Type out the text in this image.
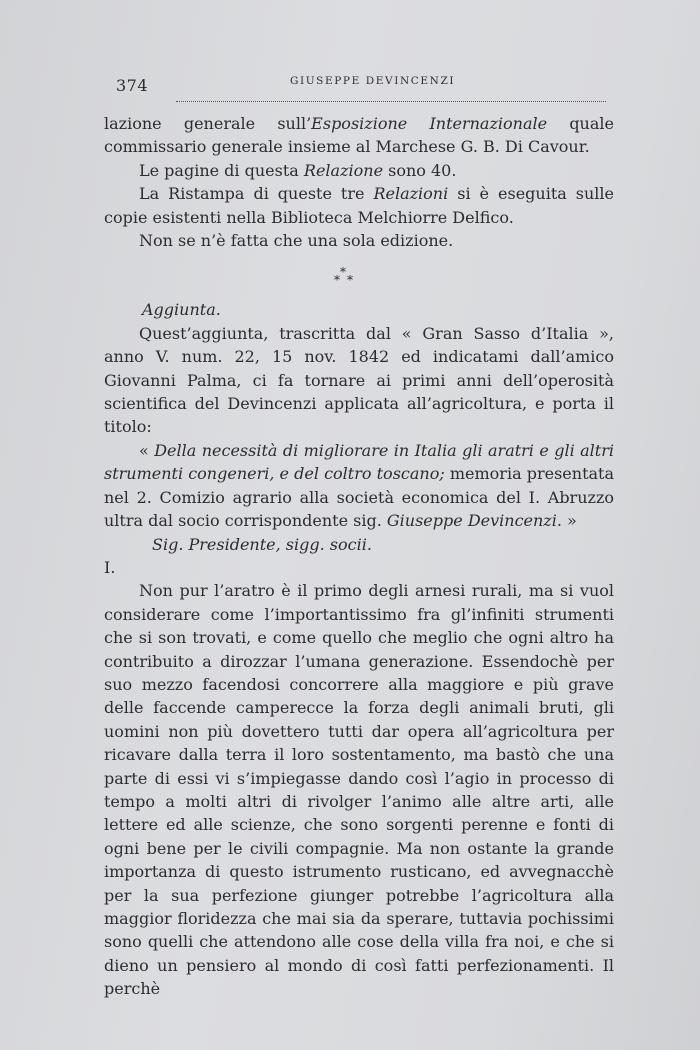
374	GIUSEPPE DEVINCENZI

lazione generale sull’Esposizione Internazionale quale commissario generale insieme al Marchese G. B. Di Cavour.

Le pagine di questa Relazione sono 40.

La Ristampa di queste tre Relazioni si è eseguita sulle copie esistenti nella Biblioteca Melchiorre Delfico.

Non se n’è fatta che una sola edizione.

*
* *

Aggiunta.

Quest’aggiunta, trascritta dal « Gran Sasso d’Italia », anno V. num. 22, 15 nov. 1842 ed indicatami dall’amico Giovanni Palma, ci fa tornare ai primi anni dell’operosità scientifica del Devincenzi applicata all’agricoltura, e porta il titolo:

« Della necessità di migliorare in Italia gli aratri e gli altri strumenti congeneri, e del coltro toscano; memoria presentata nel 2. Comizio agrario alla società economica del I. Abruzzo ultra dal socio corrispondente sig. Giuseppe Devincenzi. »

Sig. Presidente, sigg. socii.

I.

Non pur l’aratro è il primo degli arnesi rurali, ma si vuol considerare come l’importantissimo fra gl’infiniti strumenti che si son trovati, e come quello che meglio che ogni altro ha contribuito a dirozzar l’umana generazione. Essendochè per suo mezzo facendosi concorrere alla maggiore e più grave delle faccende camperecce la forza degli animali bruti, gli uomini non più dovettero tutti dar opera all’agricoltura per ricavare dalla terra il loro sostentamento, ma bastò che una parte di essi vi s’impiegasse dando così l’agio in processo di tempo a molti altri di rivolger l’animo alle altre arti, alle lettere ed alle scienze, che sono sorgenti perenne e fonti di ogni bene per le civili compagnie. Ma non ostante la grande importanza di questo istrumento rusticano, ed avvegnacchè per la sua perfezione giunger potrebbe l’agricoltura alla maggior floridezza che mai sia da sperare, tuttavia pochissimi sono quelli che attendono alle cose della villa fra noi, e che si dieno un pensiero al mondo di così fatti perfezionamenti. Il perchè
